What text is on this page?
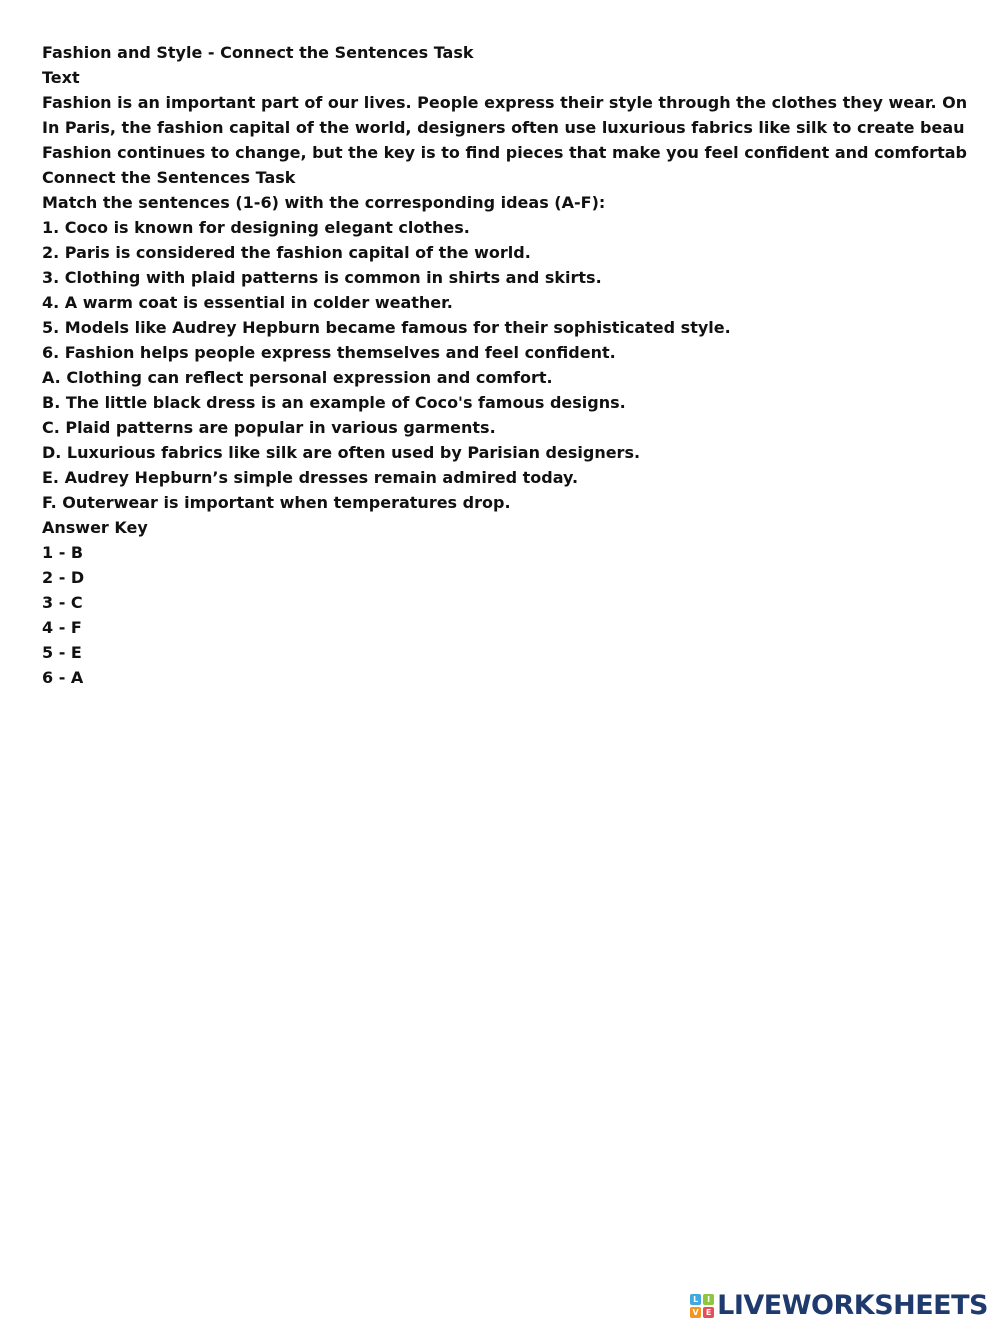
Fashion and Style - Connect the Sentences Task
Text
Fashion is an important part of our lives. People express their style through the clothes they wear. On
In Paris, the fashion capital of the world, designers often use luxurious fabrics like silk to create beau
Fashion continues to change, but the key is to find pieces that make you feel confident and comfortab
Connect the Sentences Task
Match the sentences (1-6) with the corresponding ideas (A-F):
1. Coco is known for designing elegant clothes.
2. Paris is considered the fashion capital of the world.
3. Clothing with plaid patterns is common in shirts and skirts.
4. A warm coat is essential in colder weather.
5. Models like Audrey Hepburn became famous for their sophisticated style.
6. Fashion helps people express themselves and feel confident.
A. Clothing can reflect personal expression and comfort.
B. The little black dress is an example of Coco's famous designs.
C. Plaid patterns are popular in various garments.
D. Luxurious fabrics like silk are often used by Parisian designers.
E. Audrey Hepburn’s simple dresses remain admired today.
F. Outerwear is important when temperatures drop.
Answer Key
1 - B
2 - D
3 - C
4 - F
5 - E
6 - A
L	I
V E LIVEWORKSHEETS
